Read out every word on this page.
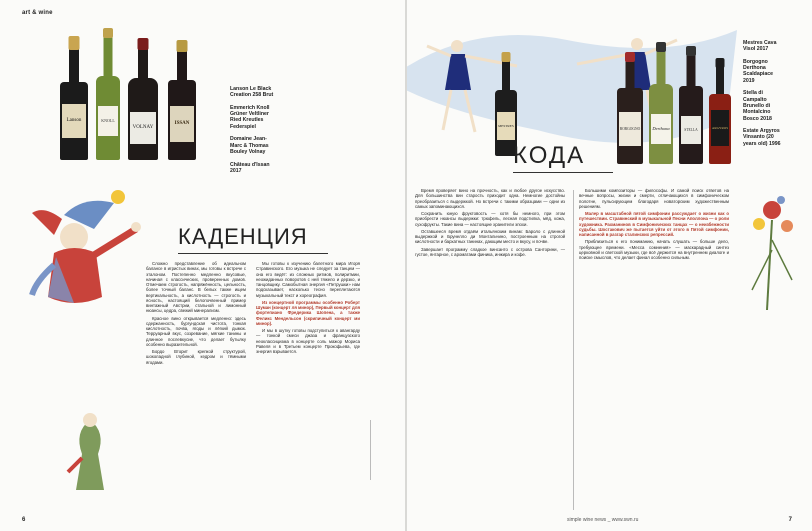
art & wine
Lanson	KNOLL
VOLNAY
ISSAN
Lanson Le Black
Creation 258 Brut

Emmerich Knoll
Grüner Veltliner
Ried Kreutles
Federspiel

Domaine Jean-
Marc & Thomas
Bouley Volnay

Château d'Issan
2017
КАДЕНЦИЯ

Сложно представление об идеальном балансе в игристых винах, мы готовы к встрече с эталоном. Постепенно медленно вкусовые, начиная с классических, проверенных домов. Отмечаем строгость, напряжённость, цельность, более точный баланс. В белых также ищем вертикальность, а кислотность — строгость и ясность, настоящий белопочвенный пример винтажный Австрии, стальной и лимонный нюансы, цедра, свежий минерализм.

Красное вино открывается медленно: здесь сдержанность, бургундская чистота, тонкая кислотность, почва, ягоды и лёгкий дымок. Терруарный вкус, созревание, мягкие танины и длинное послевкусие, что делает бутылку особенно выразительной.

Бордо Вторит крепкой структурой, шоколадной глубиной, кедром и тёмными ягодами.

Мы готовы к изучению балетного мира Игоря Стравинского. Его музыка не следует за танцем — она его ведёт: из сложных ритмов, полиритмии, неожиданных поворотов с ней тяжело и дерзко, и танцовщику. Самобытная энергия «Петрушки» нам подсказывает, насколько тесно переплетаются музыкальный текст и хореография.

Из концертной программы особенно Роберт Шуман (концерт ля минор), Первый концерт для фортепиано Фредерика Шопена, а также Феликс Мендельсон (скрипичный концерт ми минор).

И мы в шутку готовы подступиться к авангарду — тонкой смеси джаза и французского неоклассицизма в концерте соль мажор Мориса Равеля и в Третьем концерте Прокофьева, где энергия взрывается.

6
MESTRES
КОДА
BORGOGNO	Derthona	STELLA	ARGYROS
Mestres Cava
Visol 2017

Borgogno
Derthona
Scaldapiace
2019

Stella di
Campalto
Brunello di
Montalcino
Bosco 2018

Estate Argyros
Vinsanto (20
years old) 1996

Время проверяет вино на прочность, как и любое другое искусство. Для большинства вин старость приходит одна. Немногие достойны преобразиться с выдержкой. Но встречи с такими образцами — одни из самых запоминающихся.

Сохранить юную фруктовость — хотя бы немного, при этом приобрести нюансы выдержки: трюфель, лесная подстилка, мёд, кожа, сухофрукты. Такие вина — настоящие хранители эпохи.

Оставшееся время отдаём итальянским винам: Бароло с длинной выдержкой и Брунелло ди Монтальчино, построенным на строгой кислотности и бархатных танинах, дающим место и вкусу, и почве.

Завершает программу сладкое винсанто с острова Санторини, — густое, янтарное, с ароматами финика, инжира и кофе.

Большими композиторы — философы. И самой поиск ответов на вечные вопросы, жизни и смерти, отличающихся в симфоническом полотне, пульсирующем благодаря новаторским художественным решениям.

Малер в масштабной пятой симфонии рассуждает о жизни как о путешествии. Стравинский в музыкальной Песни Аполлона — о роли художника. Рахманинов в Симфонических танцах — о неизбежности судьбы. Шостакович же пытается уйти от этого в Пятой симфонии, написанной в разгар сталинских репрессий.

Приблизиться к его пониманию, начать слушать — больше дело, требующее времени. «Месса сомнения» — маскарадный синтез церковной и светской музыки, где всё держится на внутреннем диалоге и поиске смыслов, что делает финал особенно сильным.

simple wine news _ www.swn.ru	7
